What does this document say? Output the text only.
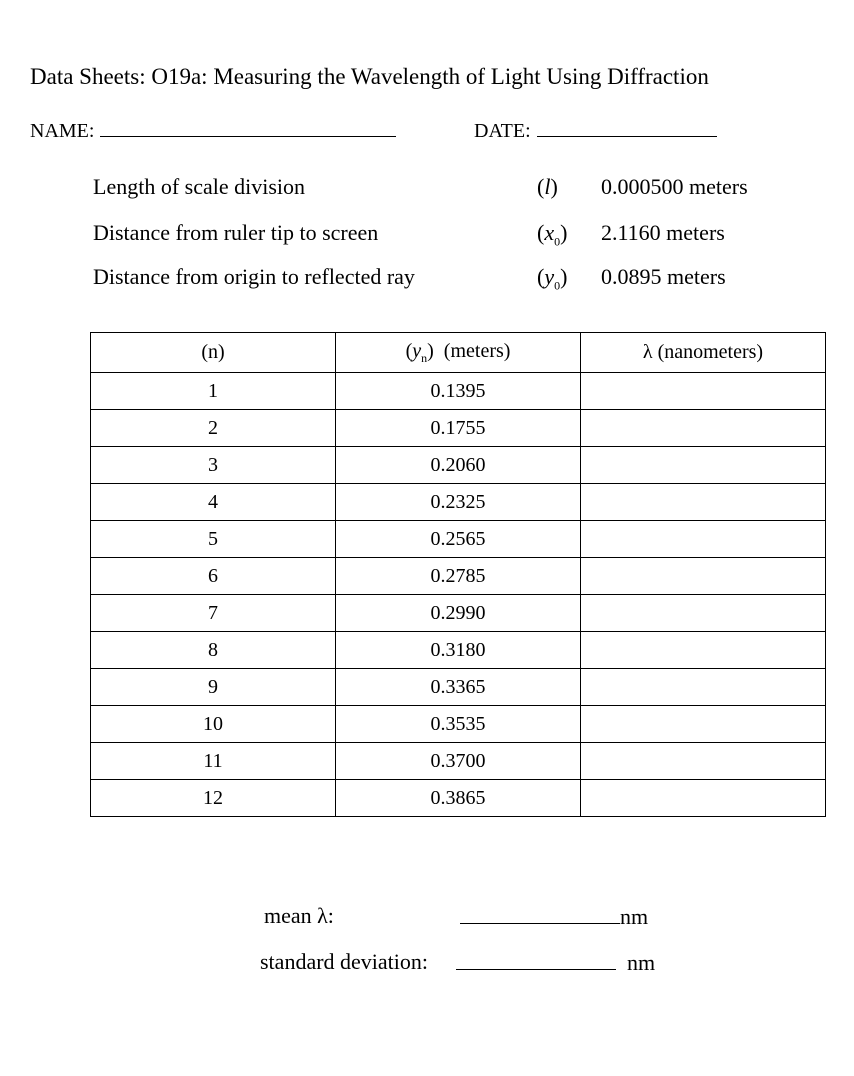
Data Sheets: O19a: Measuring the Wavelength of Light Using Diffraction
NAME:	DATE:
Length of scale division	(l) 0.000500 meters
Distance from ruler tip to screen	$(x_0)$ 2.1160 meters
Distance from origin to reflected ray	$(y_0)$ 0.0895 meters
(n)	$(y_n)$  (meters)	λ (nanometers)
1	0.1395	
2	0.1755	
3	0.2060	
4	0.2325	
5	0.2565	
6	0.2785	
7	0.2990	
8	0.3180	
9	0.3365	
10	0.3535	
11	0.3700	
12	0.3865	
mean λ:	nm
standard deviation:	nm
